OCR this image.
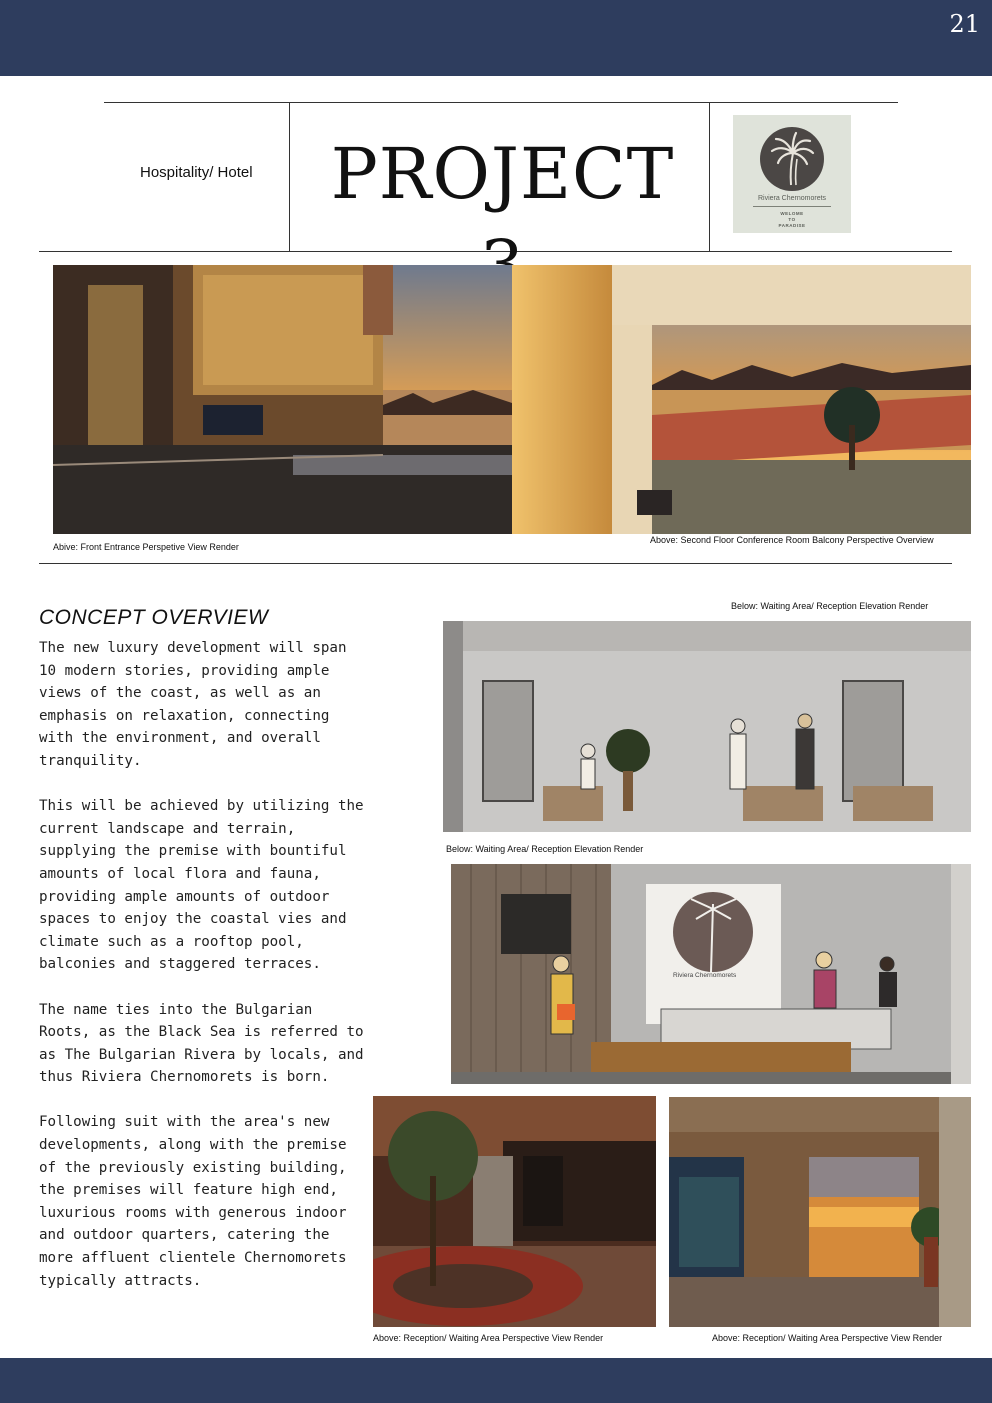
21
Hospitality/ Hotel	PROJECT	Riviera Chernomorets
WELOME
TO
PARADISE
Abive: Front Entrance Perspetive View Render
Above: Second Floor Conference Room Balcony Perspective Overview
CONCEPT OVERVIEW

The new luxury development will span 10 modern stories, providing ample views of the coast, as well as an emphasis on relaxation, connecting with the environment, and overall tranquility.

This will be achieved by utilizing the current landscape and terrain, supplying the premise with bountiful amounts of local flora and fauna, providing ample amounts of outdoor spaces to enjoy the coastal vies and climate such as a rooftop pool, balconies and staggered terraces.

The name ties into the Bulgarian Roots, as the Black Sea is referred to as The Bulgarian Rivera by locals, and thus Riviera Chernomorets is born.

Following suit with the area's new developments, along with the premise of the previously existing building, the premises will feature high end, luxurious rooms with generous indoor and outdoor quarters, catering the more affluent clientele Chernomorets typically attracts.

Below: Waiting Area/ Reception Elevation Render
Below: Waiting Area/ Reception Elevation Render
Riviera Chernomorets
Above: Reception/ Waiting Area Perspective View Render	Above: Reception/ Waiting Area Perspective View Render
